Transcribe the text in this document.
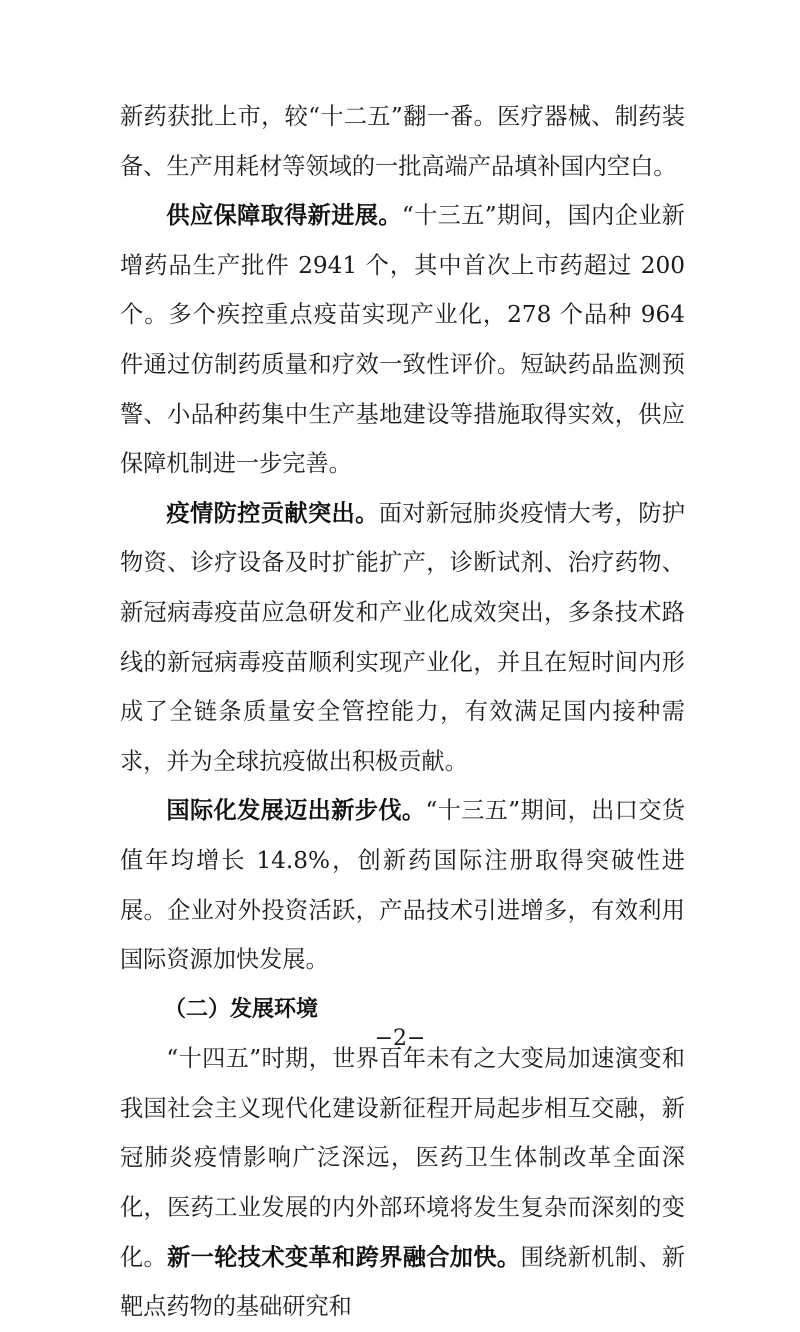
新药获批上市，较“十二五”翻一番。医疗器械、制药装备、生产用耗材等领域的一批高端产品填补国内空白。

供应保障取得新进展。“十三五”期间，国内企业新增药品生产批件 2941 个，其中首次上市药超过 200 个。多个疾控重点疫苗实现产业化，278 个品种 964 件通过仿制药质量和疗效一致性评价。短缺药品监测预警、小品种药集中生产基地建设等措施取得实效，供应保障机制进一步完善。

疫情防控贡献突出。面对新冠肺炎疫情大考，防护物资、诊疗设备及时扩能扩产，诊断试剂、治疗药物、新冠病毒疫苗应急研发和产业化成效突出，多条技术路线的新冠病毒疫苗顺利实现产业化，并且在短时间内形成了全链条质量安全管控能力，有效满足国内接种需求，并为全球抗疫做出积极贡献。

国际化发展迈出新步伐。“十三五”期间，出口交货值年均增长 14.8%，创新药国际注册取得突破性进展。企业对外投资活跃，产品技术引进增多，有效利用国际资源加快发展。

（二）发展环境

“十四五”时期，世界百年未有之大变局加速演变和我国社会主义现代化建设新征程开局起步相互交融，新冠肺炎疫情影响广泛深远，医药卫生体制改革全面深化，医药工业发展的内外部环境将发生复杂而深刻的变化。新一轮技术变革和跨界融合加快。围绕新机制、新靶点药物的基础研究和

−2−
